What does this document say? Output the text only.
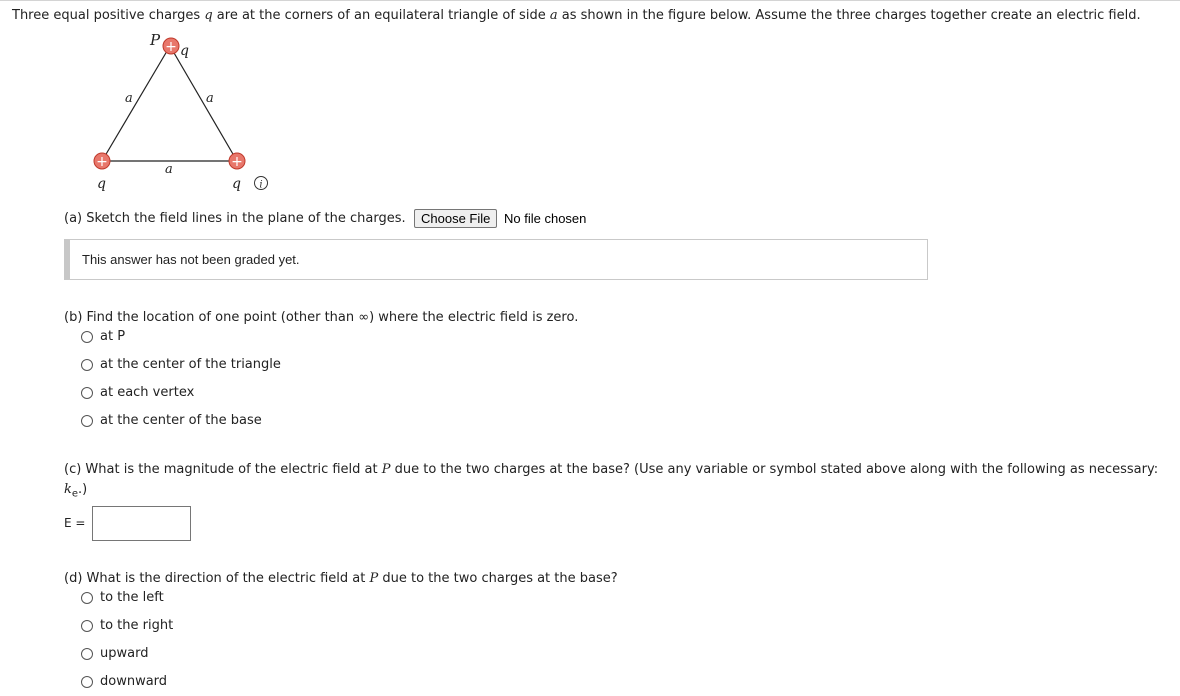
Three equal positive charges q are at the corners of an equilateral triangle of side a as shown in the figure below. Assume the three charges together create an electric field.
+
+	+
P
q
a	a
a
q	q i
(a) Sketch the field lines in the plane of the charges.	Choose File	No file chosen
This answer has not been graded yet.
(b) Find the location of one point (other than ∞) where the electric field is zero.
at P
at the center of the triangle
at each vertex
at the center of the base
(c) What is the magnitude of the electric field at P due to the two charges at the base? (Use any variable or symbol stated above along with the following as necessary:
$k_e$.)
E =
(d) What is the direction of the electric field at P due to the two charges at the base?
to the left
to the right
upward
downward
